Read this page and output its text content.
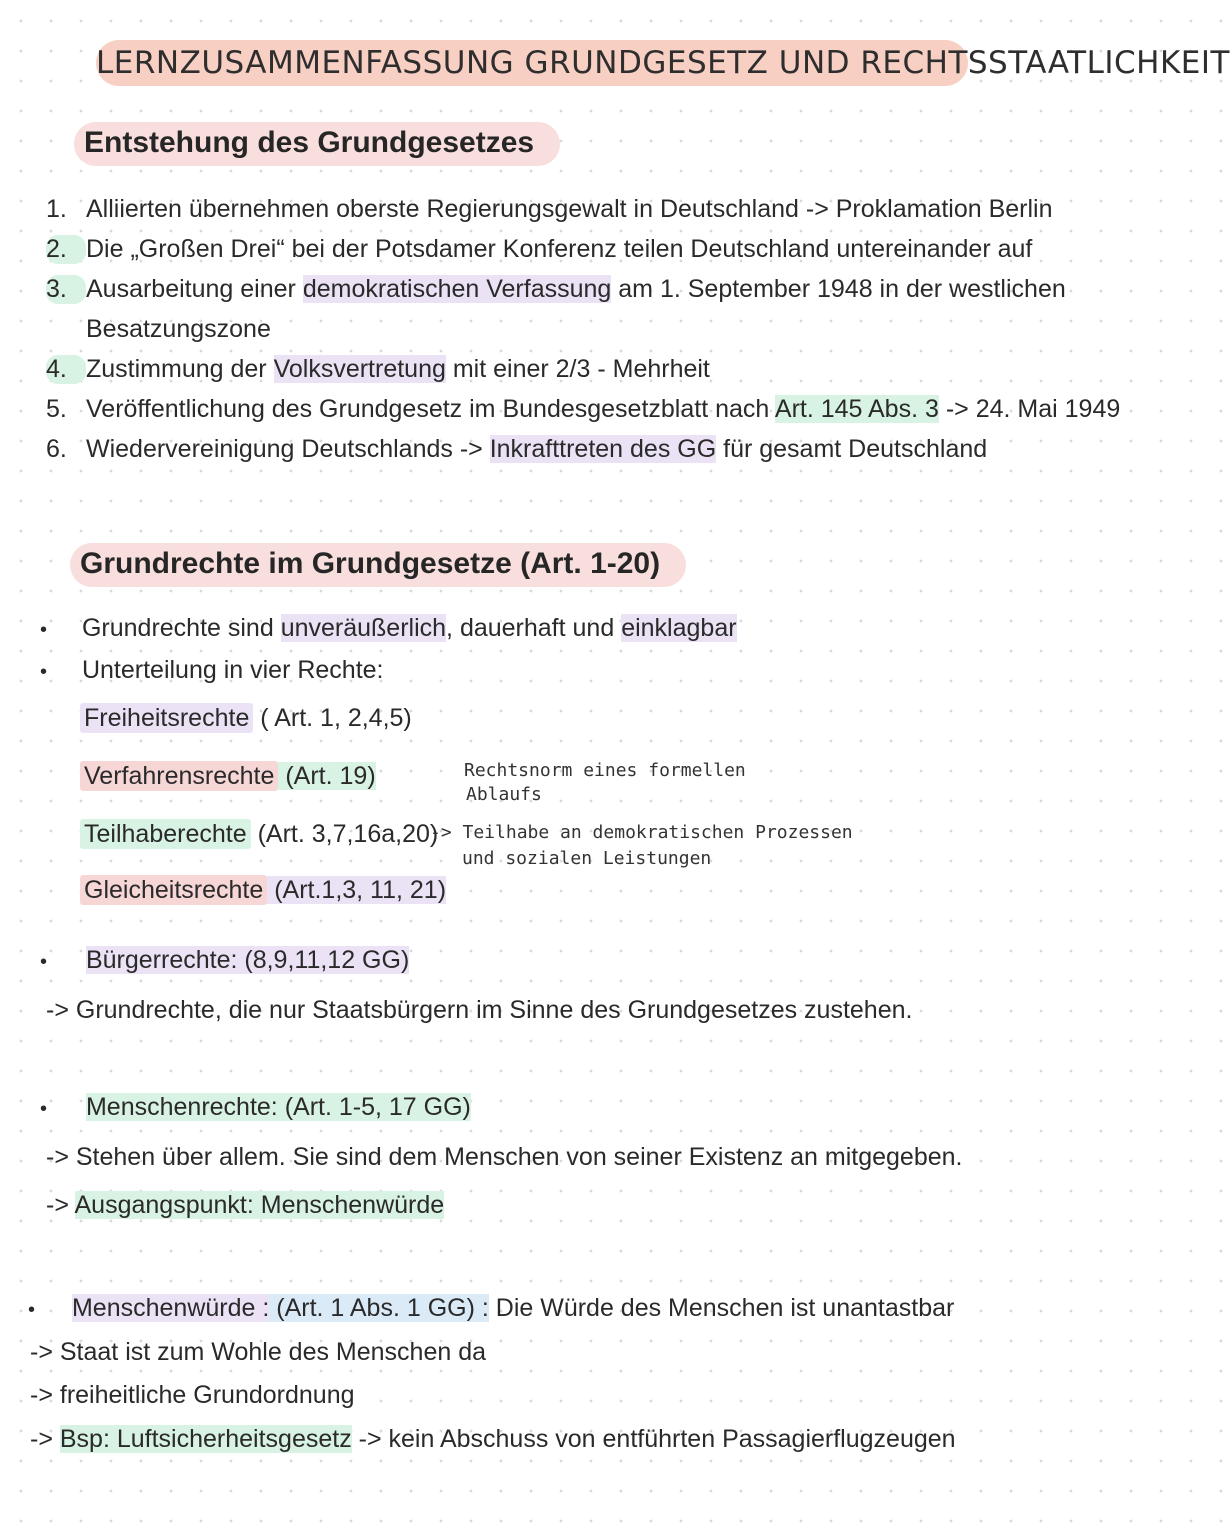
LERNZUSAMMENFASSUNG GRUNDGESETZ UND RECHTSSTAATLICHKEIT
Entstehung des Grundgesetzes
1. Alliierten übernehmen oberste Regierungsgewalt in Deutschland -> Proklamation Berlin
2. Die „Großen Drei“ bei der Potsdamer Konferenz teilen Deutschland untereinander auf
3. Ausarbeitung einer demokratischen Verfassung am 1. September 1948 in der westlichen
Besatzungszone
4. Zustimmung der Volksvertretung mit einer 2/3 - Mehrheit
5. Veröffentlichung des Grundgesetz im Bundesgesetzblatt nach Art. 145 Abs. 3 -> 24. Mai 1949
6. Wiedervereinigung Deutschlands -> Inkrafttreten des GG für gesamt Deutschland
Grundrechte im Grundgesetze (Art. 1-20)
• Grundrechte sind unveräußerlich, dauerhaft und einklagbar
• Unterteilung in vier Rechte:
Freiheitsrechte ( Art. 1, 2,4,5)
Verfahrensrechte (Art. 19)	Rechtsnorm eines formellen
Ablaufs
Teilhaberechte (Art. 3,7,16a,20)
-> Teilhabe an demokratischen Prozessen
und sozialen Leistungen
Gleicheitsrechte (Art.1,3, 11, 21)
• Bürgerrechte: (8,9,11,12 GG)
-> Grundrechte, die nur Staatsbürgern im Sinne des Grundgesetzes zustehen.
• Menschenrechte: (Art. 1-5, 17 GG)
-> Stehen über allem. Sie sind dem Menschen von seiner Existenz an mitgegeben.
-> Ausgangspunkt: Menschenwürde
• Menschenwürde : (Art. 1 Abs. 1 GG) : Die Würde des Menschen ist unantastbar
-> Staat ist zum Wohle des Menschen da
-> freiheitliche Grundordnung
-> Bsp: Luftsicherheitsgesetz -> kein Abschuss von entführten Passagierflugzeugen
